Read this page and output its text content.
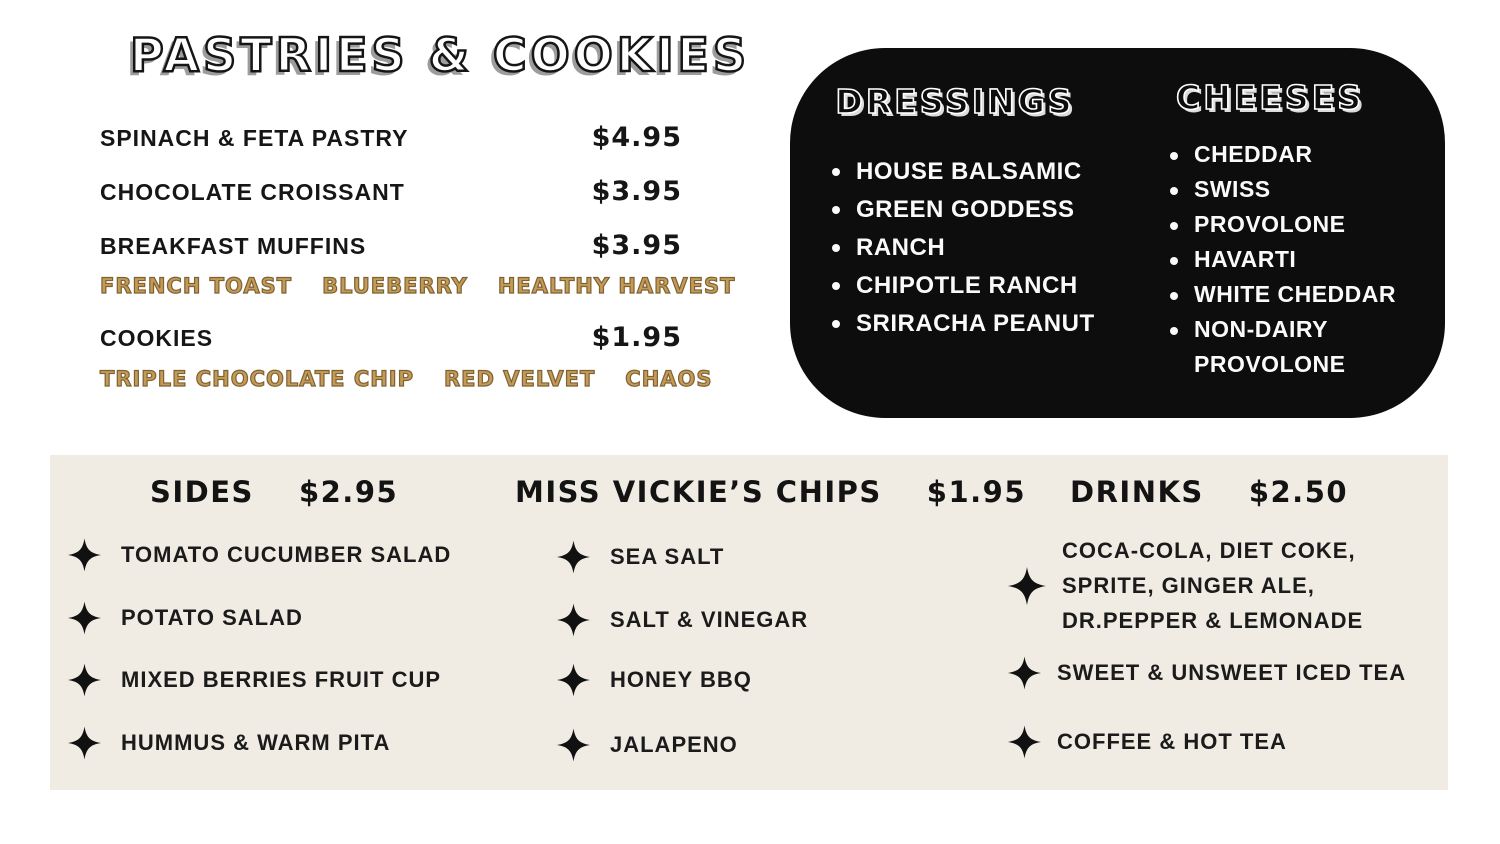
PASTRIES & COOKIES
SPINACH & FETA PASTRY	$4.95
CHOCOLATE CROISSANT	$3.95
BREAKFAST MUFFINS	$3.95
FRENCH TOAST BLUEBERRY HEALTHY HARVEST
COOKIES	$1.95
TRIPLE CHOCOLATE CHIP RED VELVET CHAOS
DRESSINGS
HOUSE BALSAMIC
GREEN GODDESS
RANCH
CHIPOTLE RANCH
SRIRACHA PEANUT
CHEESES
CHEDDAR
SWISS
PROVOLONE
HAVARTI
WHITE CHEDDAR
NON-DAIRY PROVOLONE
SIDES $2.95
TOMATO CUCUMBER SALAD
POTATO SALAD
MIXED BERRIES FRUIT CUP
HUMMUS & WARM PITA
MISS VICKIE’S CHIPS $1.95
SEA SALT
SALT & VINEGAR
HONEY BBQ
JALAPENO
DRINKS $2.50
COCA-COLA, DIET COKE,
SPRITE, GINGER ALE,
DR.PEPPER & LEMONADE
SWEET & UNSWEET ICED TEA
COFFEE & HOT TEA
